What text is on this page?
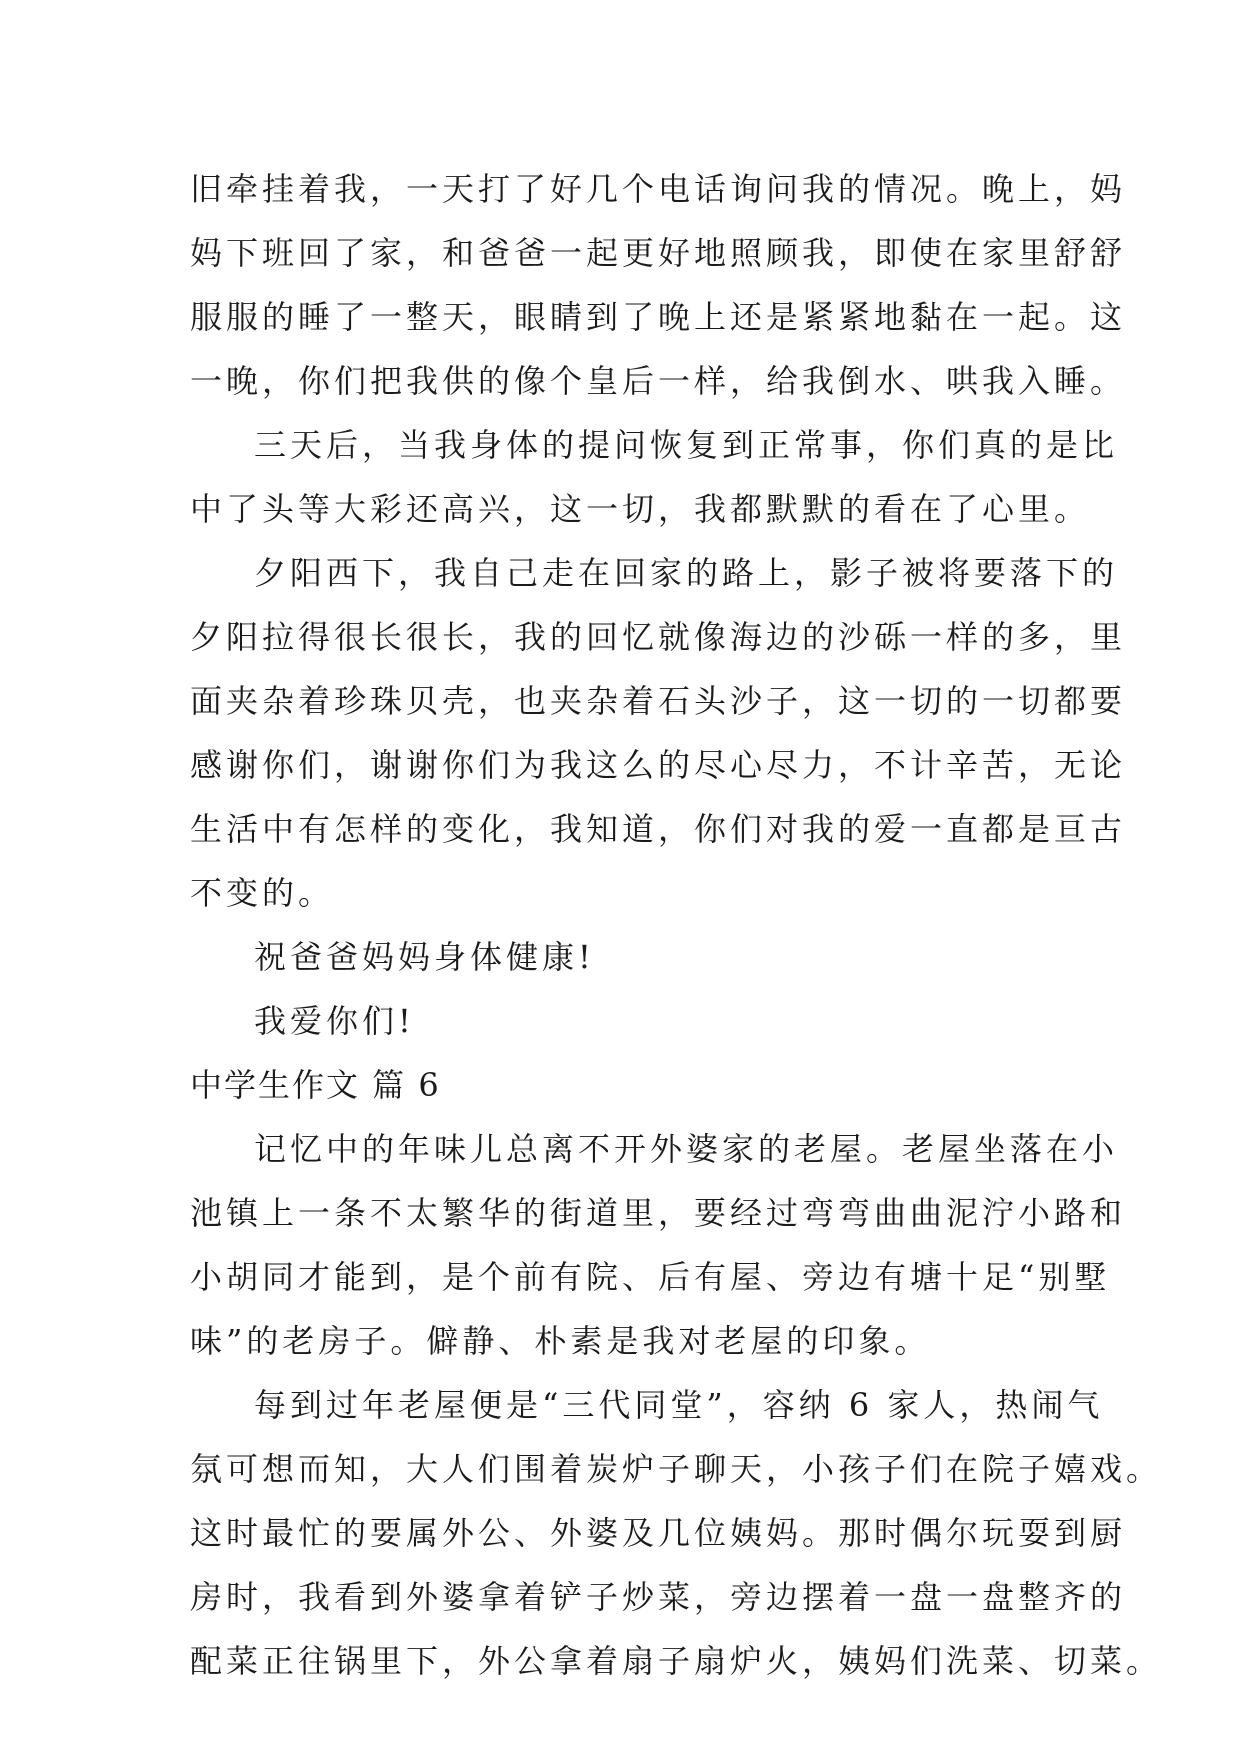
旧牵挂着我，一天打了好几个电话询问我的情况。晚上，妈
妈下班回了家，和爸爸一起更好地照顾我，即使在家里舒舒
服服的睡了一整天，眼睛到了晚上还是紧紧地黏在一起。这
一晚，你们把我供的像个皇后一样，给我倒水、哄我入睡。
三天后，当我身体的提问恢复到正常事，你们真的是比
中了头等大彩还高兴，这一切，我都默默的看在了心里。
夕阳西下，我自己走在回家的路上，影子被将要落下的
夕阳拉得很长很长，我的回忆就像海边的沙砾一样的多，里
面夹杂着珍珠贝壳，也夹杂着石头沙子，这一切的一切都要
感谢你们，谢谢你们为我这么的尽心尽力，不计辛苦，无论
生活中有怎样的变化，我知道，你们对我的爱一直都是亘古
不变的。
祝爸爸妈妈身体健康!
我爱你们!
中学生作文 篇 6
记忆中的年味儿总离不开外婆家的老屋。老屋坐落在小
池镇上一条不太繁华的街道里，要经过弯弯曲曲泥泞小路和
小胡同才能到，是个前有院、后有屋、旁边有塘十足“别墅
味”的老房子。僻静、朴素是我对老屋的印象。
每到过年老屋便是“三代同堂”，容纳 6 家人，热闹气
氛可想而知，大人们围着炭炉子聊天，小孩子们在院子嬉戏。
这时最忙的要属外公、外婆及几位姨妈。那时偶尔玩耍到厨
房时，我看到外婆拿着铲子炒菜，旁边摆着一盘一盘整齐的
配菜正往锅里下，外公拿着扇子扇炉火，姨妈们洗菜、切菜。
